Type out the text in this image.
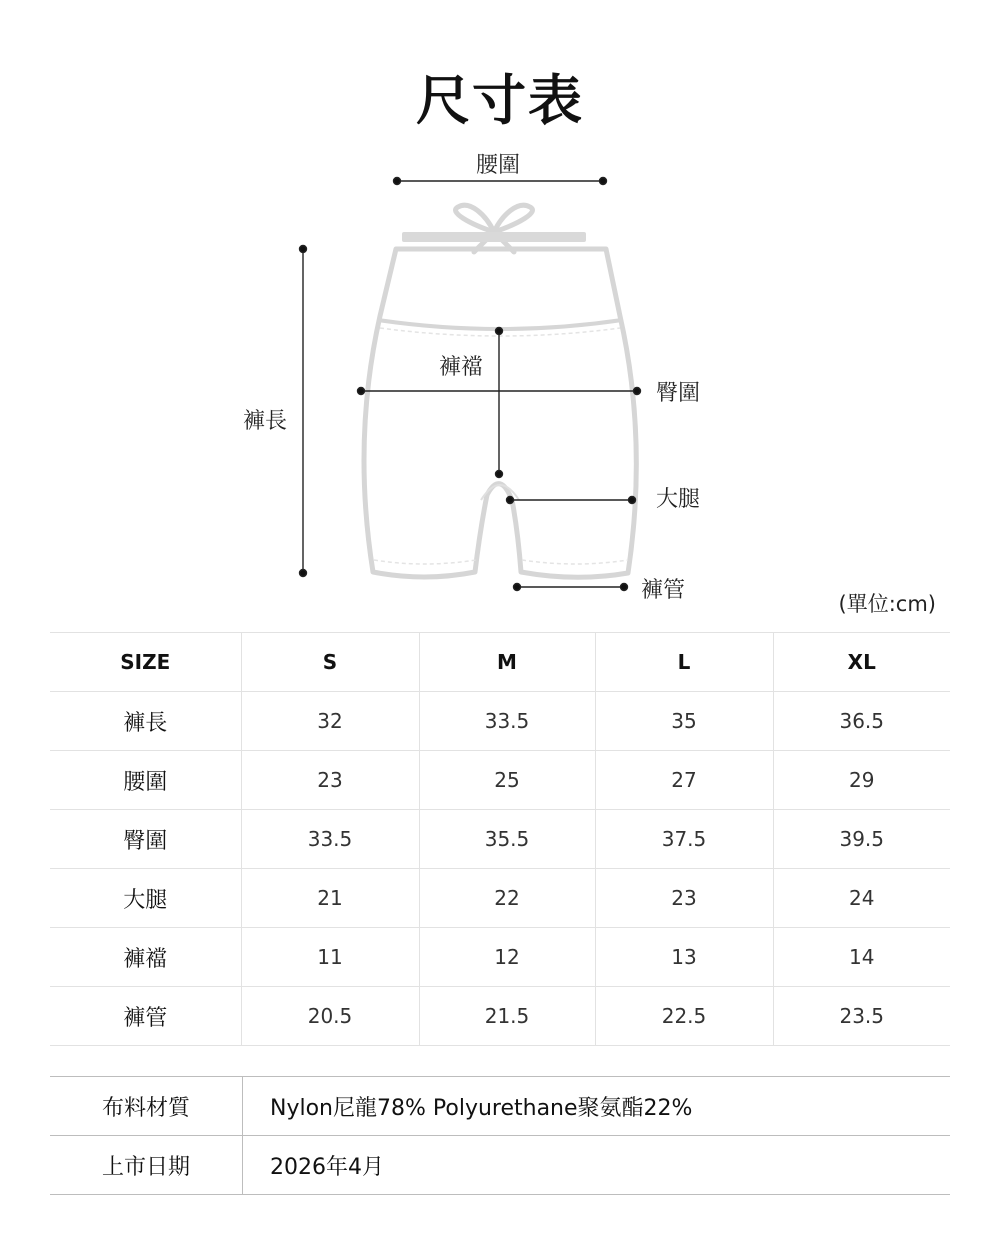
尺寸表
腰圍
褲長
褲襠
臀圍
大腿
褲管
(單位:cm)
SIZE	S	M	L	XL
褲長	32	33.5	35	36.5
腰圍	23	25	27	29
臀圍	33.5	35.5	37.5	39.5
大腿	21	22	23	24
褲襠	11	12	13	14
褲管	20.5	21.5	22.5	23.5
布料材質	Nylon尼龍78% Polyurethane聚氨酯22%
上市日期	2026年4月
